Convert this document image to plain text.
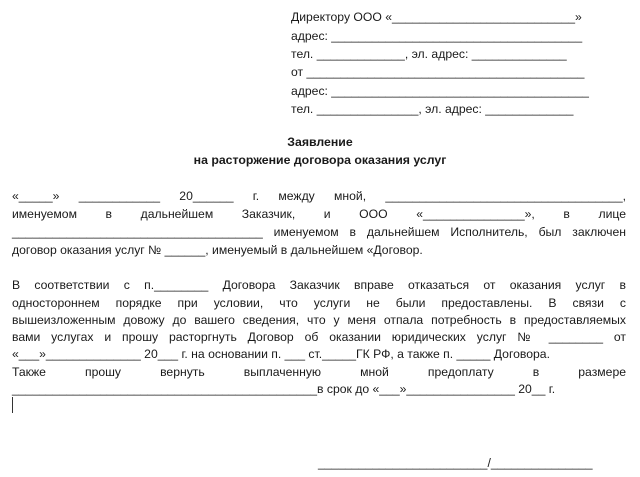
Директору ООО «___________________________»
адрес: _____________________________________
тел. _____________, эл. адрес: ______________
от _________________________________________
адрес: ______________________________________
тел. _______________, эл. адрес: _____________
Заявление
на расторжение договора оказания услуг
«_____» ____________ 20______ г. между мной, ___________________________________,
именуемом в дальнейшем Заказчик, и ООО «_______________», в лице
_____________________________________ именуемом в дальнейшем Исполнитель, был заключен
договор оказания услуг № ______, именуемый в дальнейшем «Договор.
В соответствии с п.________ Договора Заказчик вправе отказаться от оказания услуг в
одностороннем порядке при условии, что услуги не были предоставлены. В связи с
вышеизложенным довожу до вашего сведения, что у меня отпала потребность в предоставляемых
вами услугах и прошу расторгнуть Договор об оказании юридических услуг № ________ от
«___»______________ 20___ г. на основании п. ___ ст._____ГК РФ, а также п. _____ Договора.
Также прошу вернуть выплаченную мной предоплату в размере
_____________________________________________в срок до «___»________________ 20__ г.
_________________________/_______________
